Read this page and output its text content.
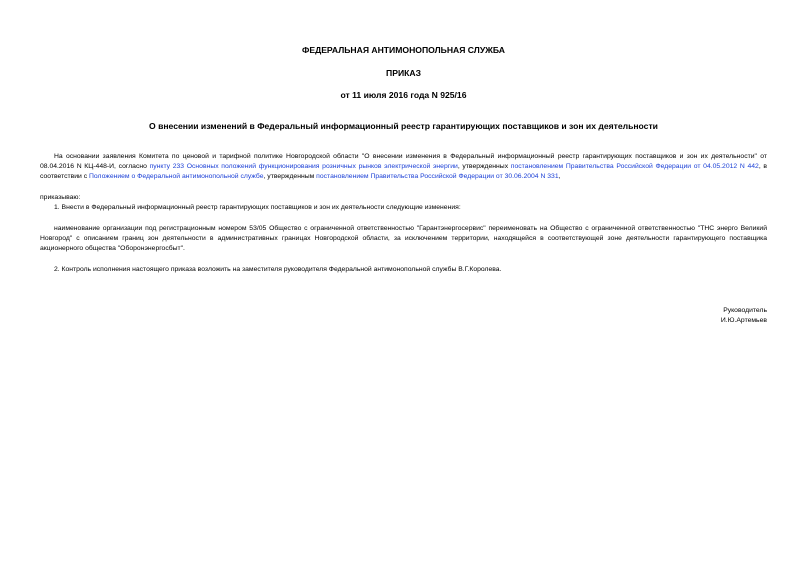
ФЕДЕРАЛЬНАЯ АНТИМОНОПОЛЬНАЯ СЛУЖБА
ПРИКАЗ
от 11 июля 2016 года N 925/16
О внесении изменений в Федеральный информационный реестр гарантирующих поставщиков и зон их деятельности
На основании заявления Комитета по ценовой и тарифной политике Новгородской области "О внесении изменения в Федеральный информационный реестр гарантирующих поставщиков и зон их деятельности" от 08.04.2016 N КЦ-448-И, согласно пункту 233 Основных положений функционирования розничных рынков электрической энергии, утвержденных постановлением Правительства Российской Федерации от 04.05.2012 N 442, в соответствии с Положением о Федеральной антимонопольной службе, утвержденным постановлением Правительства Российской Федерации от 30.06.2004 N 331,
приказываю:
1. Внести в Федеральный информационный реестр гарантирующих поставщиков и зон их деятельности следующие изменения:
наименование организации под регистрационным номером 53/05 Общество с ограниченной ответственностью "Гарантэнергосервис" переименовать на Общество с ограниченной ответственностью "ТНС энерго Великий Новгород" с описанием границ зон деятельности в административных границах Новгородской области, за исключением территории, находящейся в соответствующей зоне деятельности гарантирующего поставщика акционерного общества "Оборонэнергосбыт".
2. Контроль исполнения настоящего приказа возложить на заместителя руководителя Федеральной антимонопольной службы В.Г.Королева.
Руководитель
И.Ю.Артемьев
